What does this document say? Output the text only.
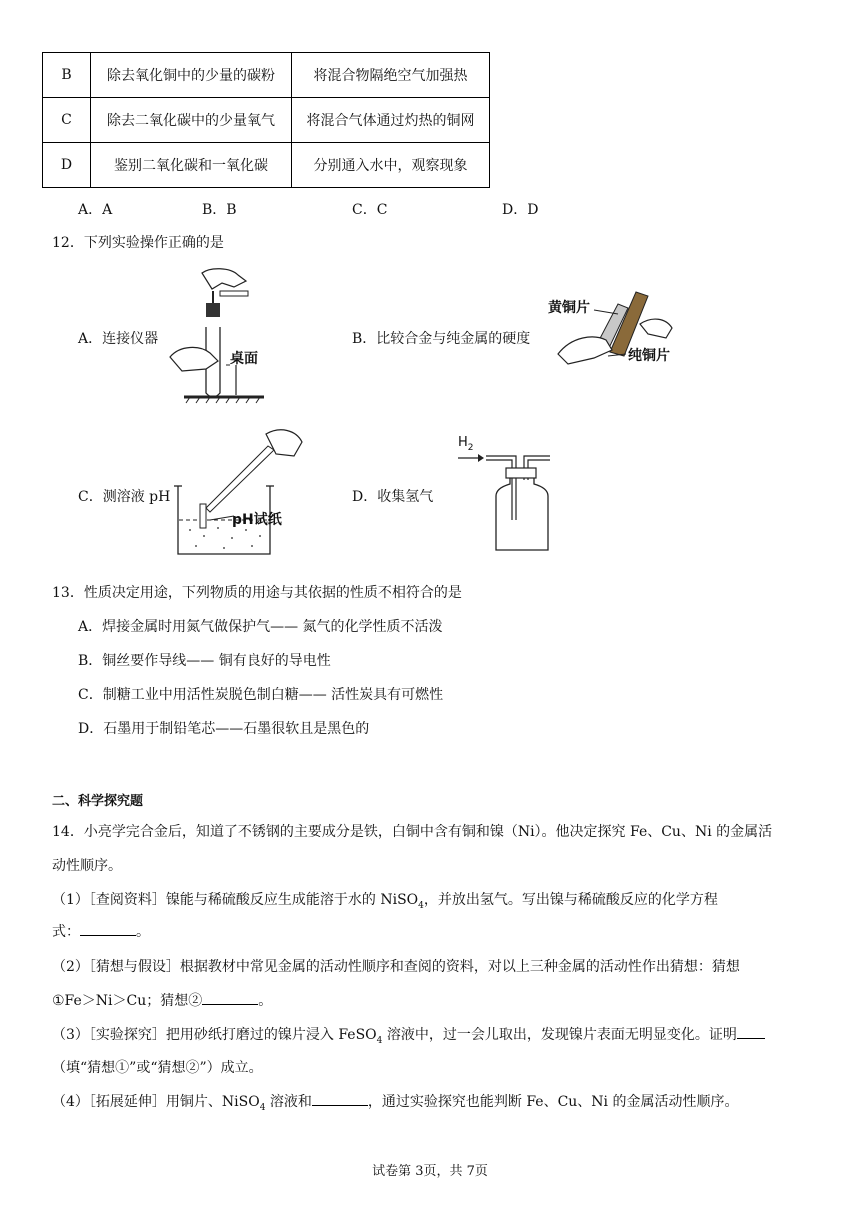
B	除去氧化铜中的少量的碳粉	将混合物隔绝空气加强热
C	除去二氧化碳中的少量氧气	将混合气体通过灼热的铜网
D	鉴别二氧化碳和一氧化碳	分别通入水中，观察现象
A．A	B．B	C．C	D．D
12．下列实验操作正确的是
A．连接仪器
桌面
B．比较合金与纯金属的硬度
黄铜片
纯铜片
C．测溶液 pH
pH试纸
D．收集氢气
$H_2$
13．性质决定用途，下列物质的用途与其依据的性质不相符合的是
A．焊接金属时用氮气做保护气—— 氮气的化学性质不活泼
B．铜丝要作导线—— 铜有良好的导电性
C．制糖工业中用活性炭脱色制白糖—— 活性炭具有可燃性
D．石墨用于制铅笔芯——石墨很软且是黑色的
二、科学探究题
14．小亮学完合金后，知道了不锈钢的主要成分是铁，白铜中含有铜和镍（Ni）。他决定探究 Fe、Cu、Ni 的金属活
动性顺序。
（1）［查阅资料］镍能与稀硫酸反应生成能溶于水的 NiSO$_4$，并放出氢气。写出镍与稀硫酸反应的化学方程
式：	。
（2）［猜想与假设］根据教材中常见金属的活动性顺序和查阅的资料，对以上三种金属的活动性作出猜想：猜想
①Fe＞Ni＞Cu；猜想②	。
（3）［实验探究］把用砂纸打磨过的镍片浸入 FeSO$_4$ 溶液中，过一会儿取出，发现镍片表面无明显变化。证明
（填“猜想①”或“猜想②”）成立。
（4）［拓展延伸］用铜片、NiSO$_4$ 溶液和	，通过实验探究也能判断 Fe、Cu、Ni 的金属活动性顺序。
试卷第 3页，共 7页
